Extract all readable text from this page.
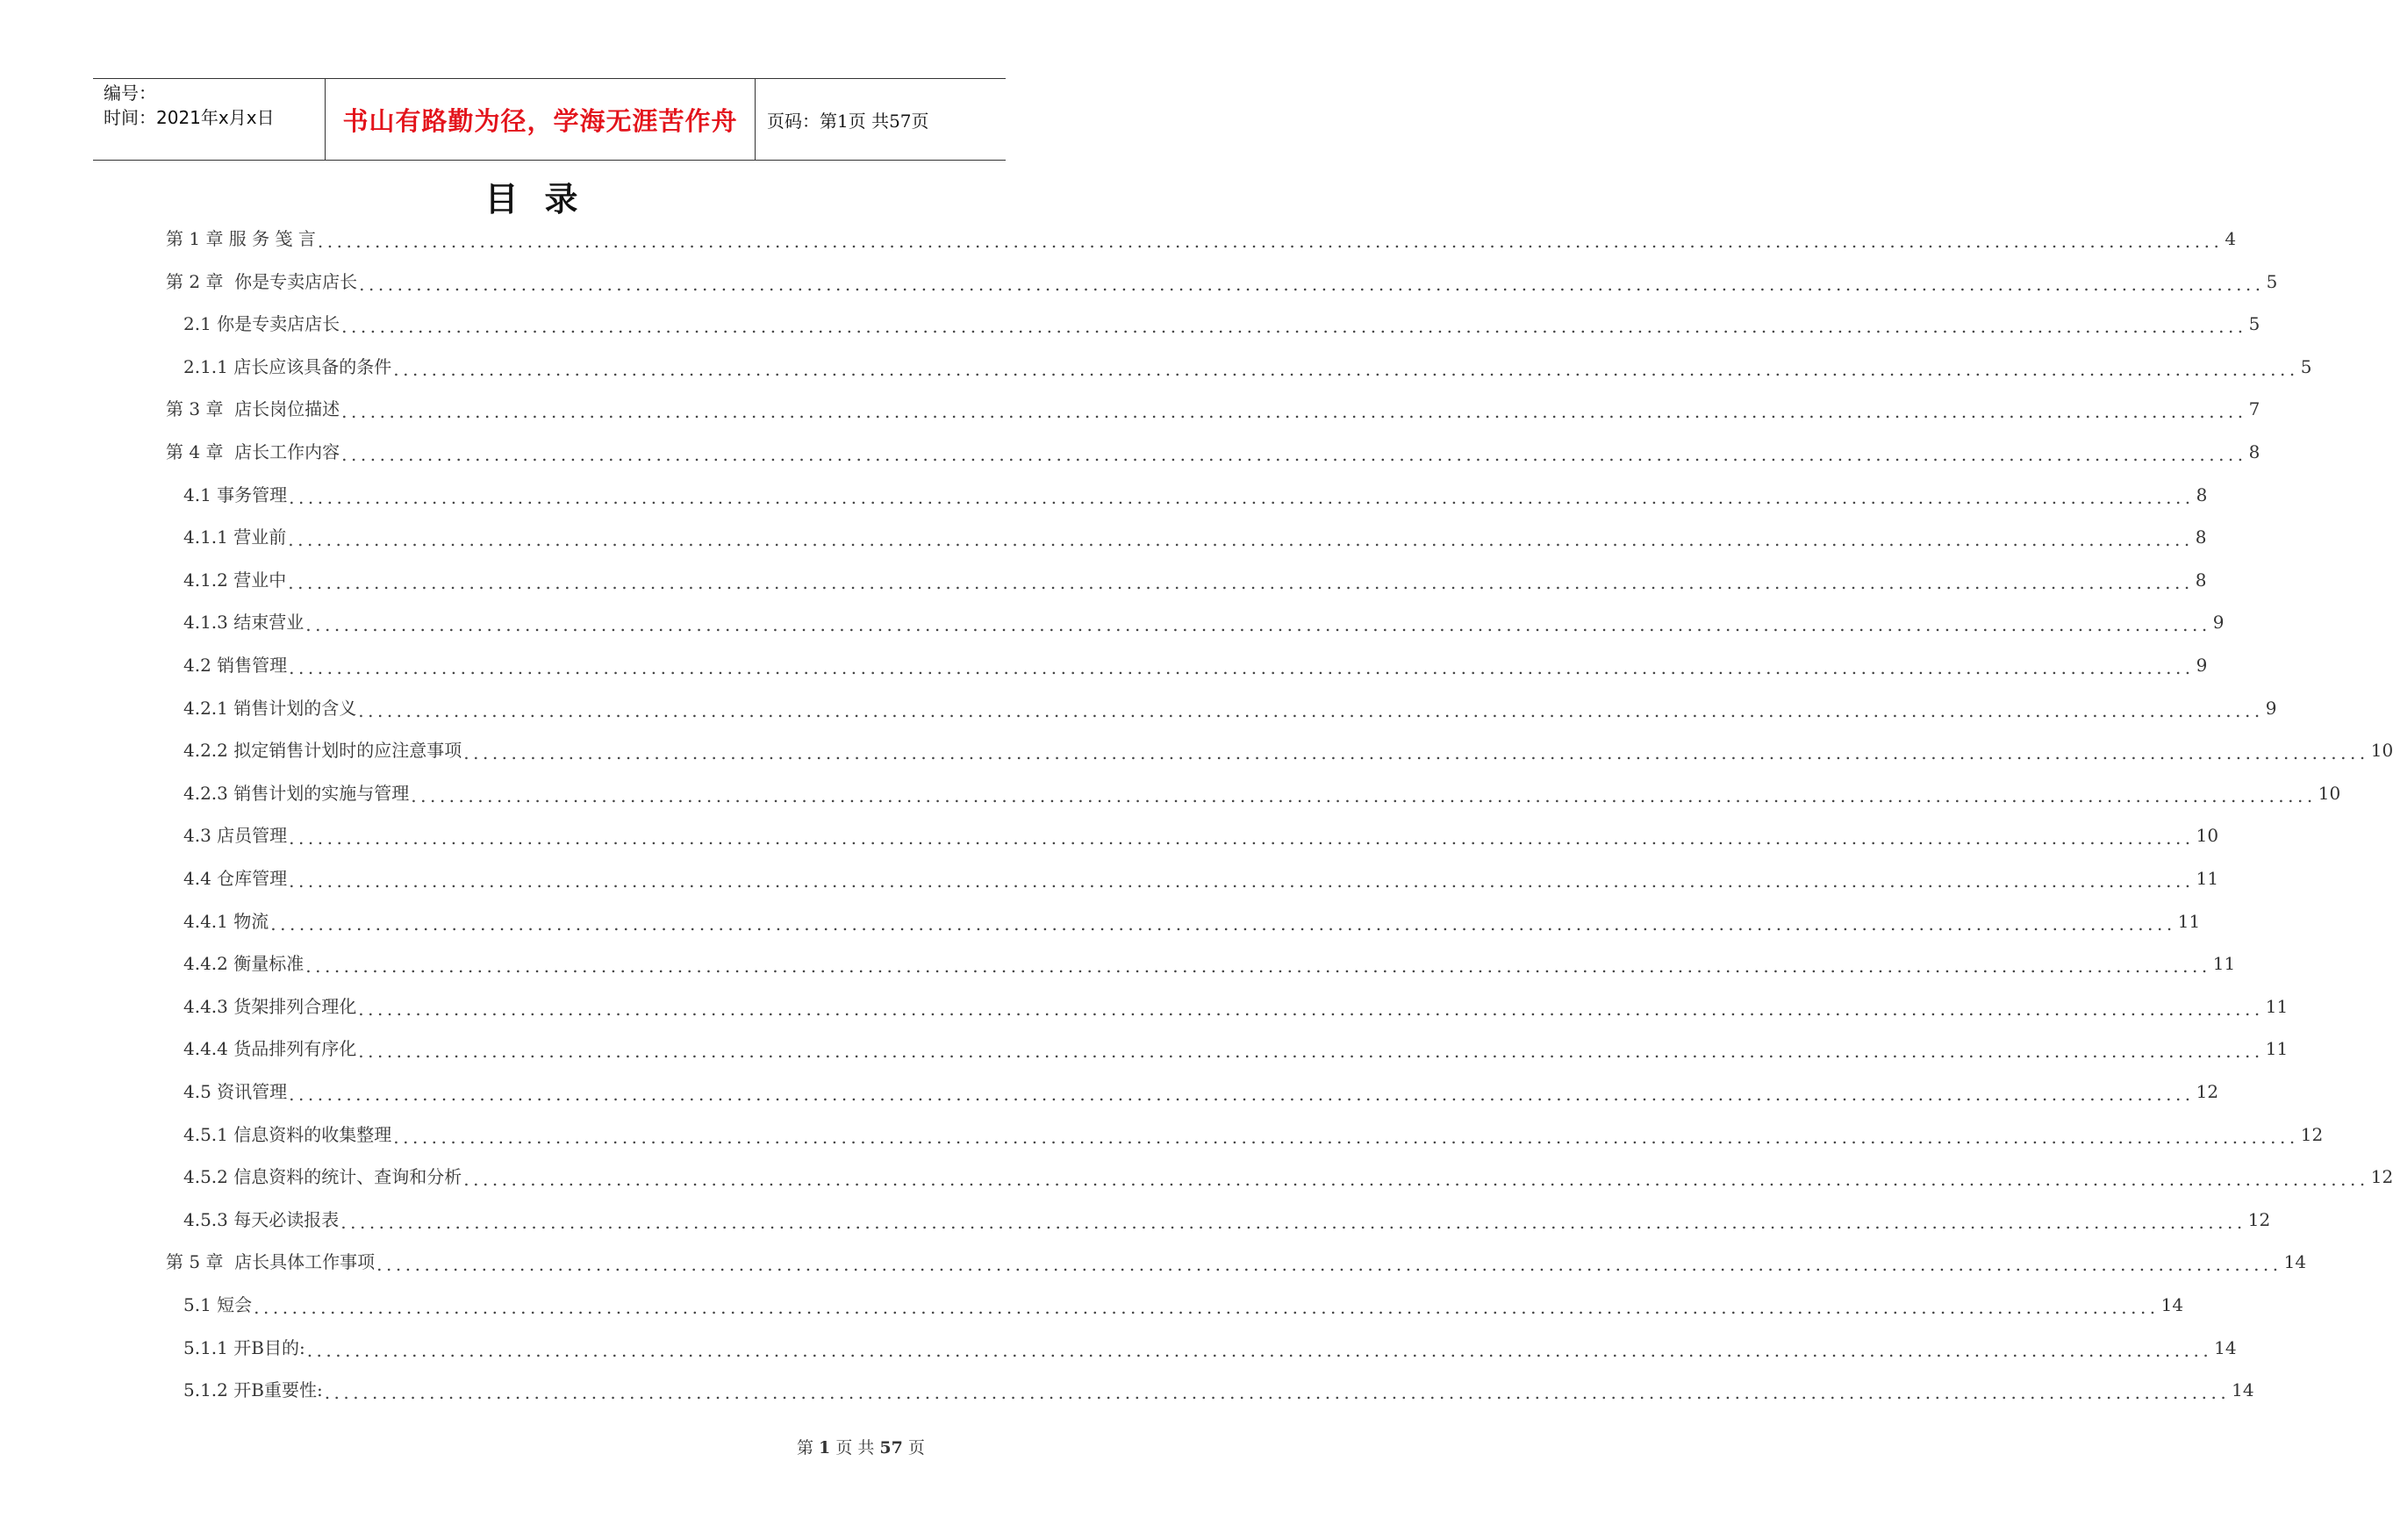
编号：
时间：2021年x月x日	书山有路勤为径，学海无涯苦作舟	页码：第1页 共57页
目录
第 1 章 服 务 笺 言 ........................................................................................................................................................................................................ 4
第 2 章  你是专卖店店长 ........................................................................................................................................................................................................ 5
2.1 你是专卖店店长 ........................................................................................................................................................................................................ 5
2.1.1 店长应该具备的条件 ........................................................................................................................................................................................................ 5
第 3 章  店长岗位描述 ........................................................................................................................................................................................................ 7
第 4 章  店长工作内容 ........................................................................................................................................................................................................ 8
4.1 事务管理 ........................................................................................................................................................................................................ 8
4.1.1 营业前 ........................................................................................................................................................................................................ 8
4.1.2 营业中 ........................................................................................................................................................................................................ 8
4.1.3 结束营业 ........................................................................................................................................................................................................ 9
4.2 销售管理 ........................................................................................................................................................................................................ 9
4.2.1 销售计划的含义 ........................................................................................................................................................................................................ 9
4.2.2 拟定销售计划时的应注意事项 ........................................................................................................................................................................................................ 10
4.2.3 销售计划的实施与管理 ........................................................................................................................................................................................................ 10
4.3 店员管理 ........................................................................................................................................................................................................ 10
4.4 仓库管理 ........................................................................................................................................................................................................ 11
4.4.1 物流 ........................................................................................................................................................................................................ 11
4.4.2 衡量标准 ........................................................................................................................................................................................................ 11
4.4.3 货架排列合理化 ........................................................................................................................................................................................................ 11
4.4.4 货品排列有序化 ........................................................................................................................................................................................................ 11
4.5 资讯管理 ........................................................................................................................................................................................................ 12
4.5.1 信息资料的收集整理 ........................................................................................................................................................................................................ 12
4.5.2 信息资料的统计、查询和分析 ........................................................................................................................................................................................................ 12
4.5.3 每天必读报表 ........................................................................................................................................................................................................ 12
第 5 章  店长具体工作事项 ........................................................................................................................................................................................................ 14
5.1 短会 ........................................................................................................................................................................................................ 14
5.1.1 开B目的: ........................................................................................................................................................................................................ 14
5.1.2 开B重要性: ........................................................................................................................................................................................................ 14
第 1 页 共 57 页
